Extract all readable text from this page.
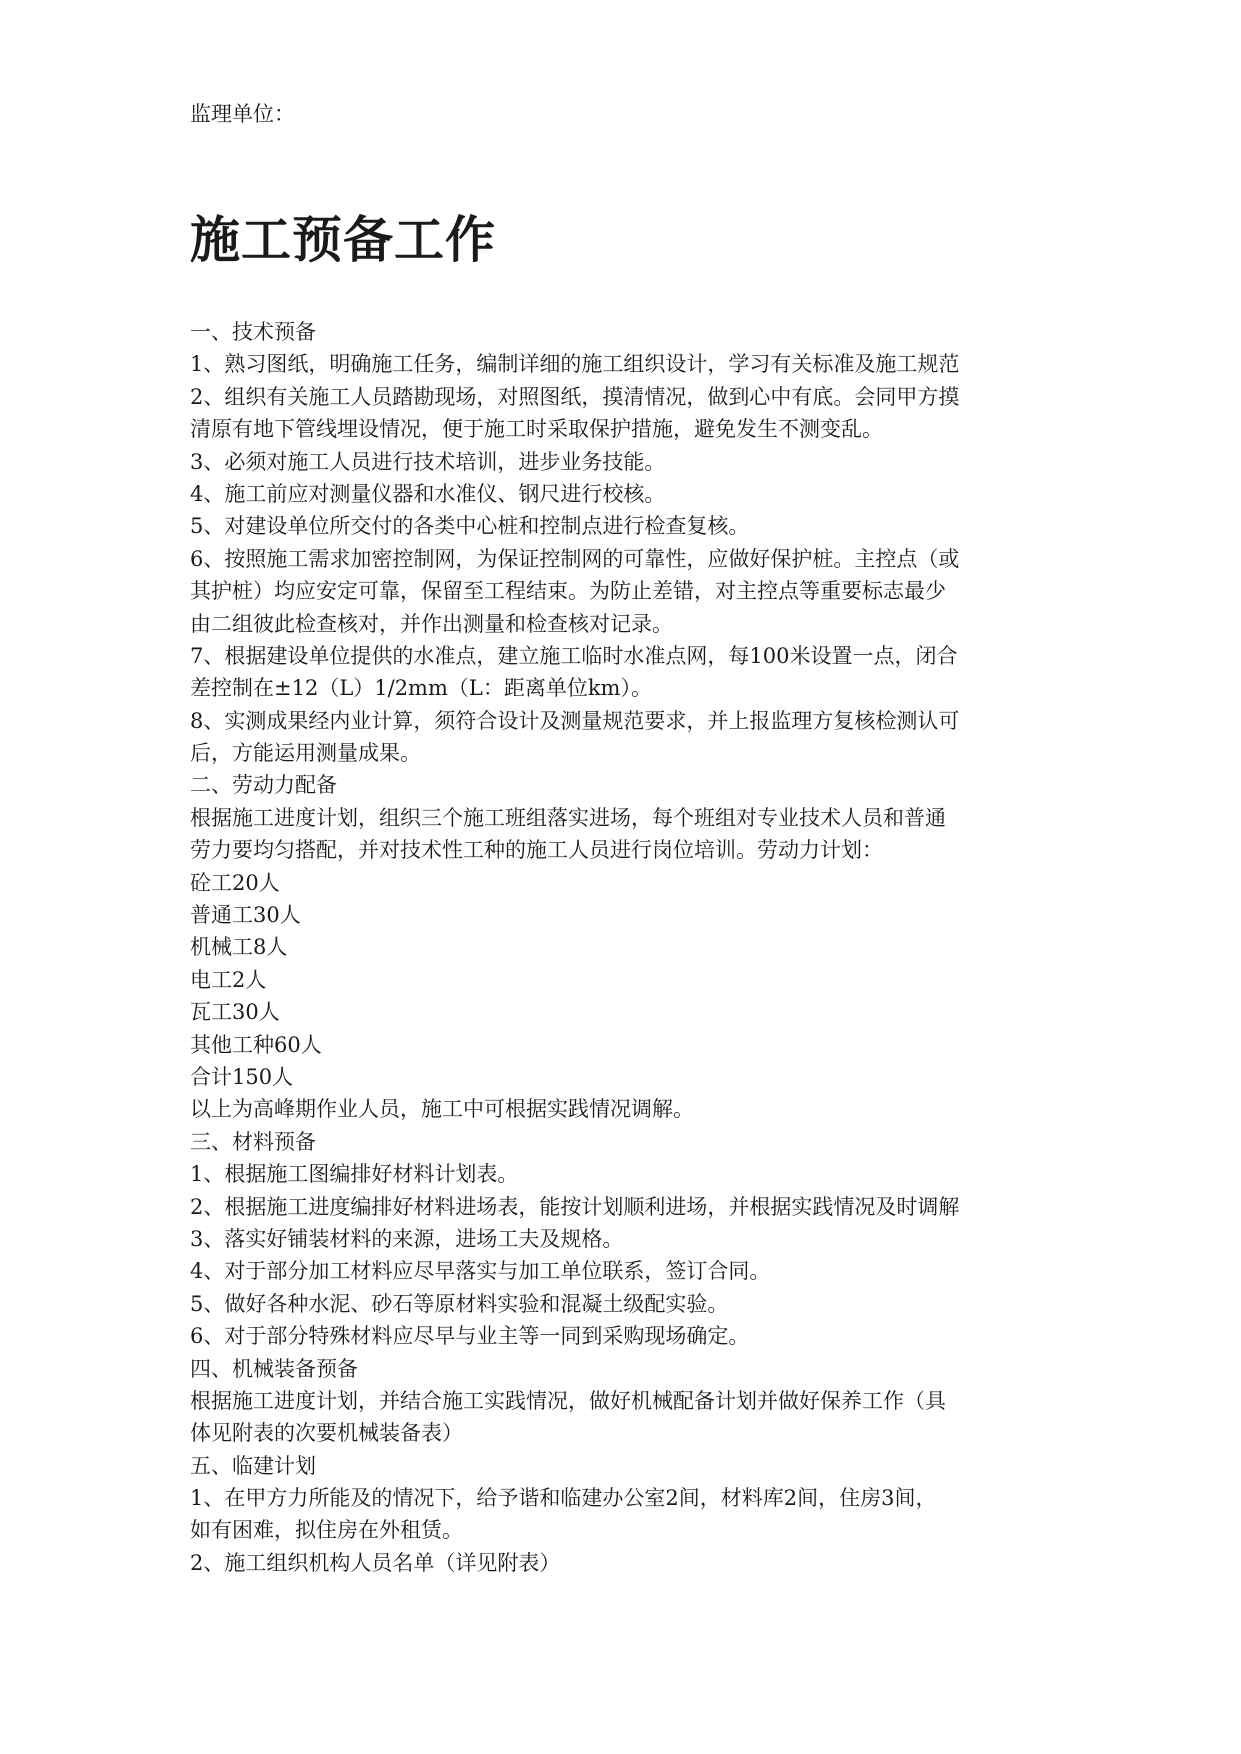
监理单位：
施工预备工作
一、技术预备
1、熟习图纸，明确施工任务，编制详细的施工组织设计，学习有关标准及施工规范
2、组织有关施工人员踏勘现场，对照图纸，摸清情况，做到心中有底。会同甲方摸
清原有地下管线埋设情况，便于施工时采取保护措施，避免发生不测变乱。
3、必须对施工人员进行技术培训，进步业务技能。
4、施工前应对测量仪器和水准仪、钢尺进行校核。
5、对建设单位所交付的各类中心桩和控制点进行检查复核。
6、按照施工需求加密控制网，为保证控制网的可靠性，应做好保护桩。主控点（或
其护桩）均应安定可靠，保留至工程结束。为防止差错，对主控点等重要标志最少
由二组彼此检查核对，并作出测量和检查核对记录。
7、根据建设单位提供的水准点，建立施工临时水准点网，每100米设置一点，闭合
差控制在±12（L）1/2mm（L：距离单位km）。
8、实测成果经内业计算，须符合设计及测量规范要求，并上报监理方复核检测认可
后，方能运用测量成果。
二、劳动力配备
根据施工进度计划，组织三个施工班组落实进场，每个班组对专业技术人员和普通
劳力要均匀搭配，并对技术性工种的施工人员进行岗位培训。劳动力计划：
砼工20人
普通工30人
机械工8人
电工2人
瓦工30人
其他工种60人
合计150人
以上为高峰期作业人员，施工中可根据实践情况调解。
三、材料预备
1、根据施工图编排好材料计划表。
2、根据施工进度编排好材料进场表，能按计划顺利进场，并根据实践情况及时调解
3、落实好铺装材料的来源，进场工夫及规格。
4、对于部分加工材料应尽早落实与加工单位联系，签订合同。
5、做好各种水泥、砂石等原材料实验和混凝土级配实验。
6、对于部分特殊材料应尽早与业主等一同到采购现场确定。
四、机械装备预备
根据施工进度计划，并结合施工实践情况，做好机械配备计划并做好保养工作（具
体见附表的次要机械装备表）
五、临建计划
1、在甲方力所能及的情况下，给予谐和临建办公室2间，材料库2间，住房3间，
如有困难，拟住房在外租赁。
2、施工组织机构人员名单（详见附表）
